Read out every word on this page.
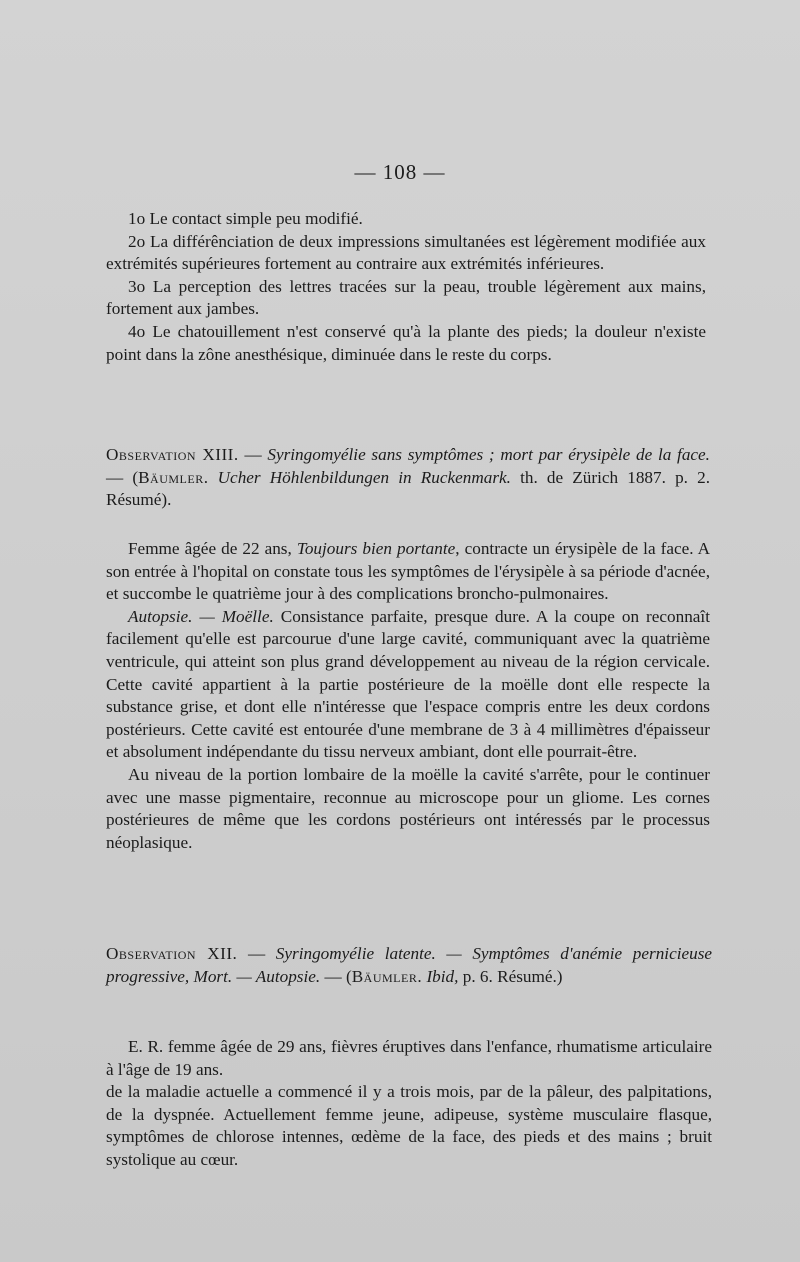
— 108 —

1o Le contact simple peu modifié.

2o La différênciation de deux impressions simultanées est légèrement modifiée aux extrémités supérieures fortement au contraire aux extrémités inférieures.

3o La perception des lettres tracées sur la peau, trouble légèrement aux mains, fortement aux jambes.

4o Le chatouillement n'est conservé qu'à la plante des pieds; la douleur n'existe point dans la zône anesthésique, diminuée dans le reste du corps.

Observation XIII. — Syringomyélie sans symptômes ; mort par érysipèle de la face. — (Bäumler. Ucher Höhlenbildungen in Ruckenmark. th. de Zürich 1887. p. 2. Résumé).

Femme âgée de 22 ans, Toujours bien portante, contracte un érysipèle de la face. A son entrée à l'hopital on constate tous les symptômes de l'érysipèle à sa période d'acnée, et succombe le quatrième jour à des complications broncho-pulmonaires.

Autopsie. — Moëlle. Consistance parfaite, presque dure. A la coupe on reconnaît facilement qu'elle est parcourue d'une large cavité, communiquant avec la quatrième ventricule, qui atteint son plus grand développement au niveau de la région cervicale. Cette cavité appartient à la partie postérieure de la moëlle dont elle respecte la substance grise, et dont elle n'intéresse que l'espace compris entre les deux cordons postérieurs. Cette cavité est entourée d'une membrane de 3 à 4 millimètres d'épaisseur et absolument indépendante du tissu nerveux ambiant, dont elle pourrait-être.

Au niveau de la portion lombaire de la moëlle la cavité s'arrête, pour le continuer avec une masse pigmentaire, reconnue au microscope pour un gliome. Les cornes postérieures de même que les cordons postérieurs ont intéressés par le processus néoplasique.

Observation XII. — Syringomyélie latente. — Symptômes d'anémie pernicieuse progressive, Mort. — Autopsie. — (Bäumler. Ibid, p. 6. Résumé.)

E. R. femme âgée de 29 ans, fièvres éruptives dans l'enfance, rhumatisme articulaire à l'âge de 19 ans.

de la maladie actuelle a commencé il y a trois mois, par de la pâleur, des palpitations, de la dyspnée. Actuellement femme jeune, adipeuse, système musculaire flasque, symptômes de chlorose intennes, œdème de la face, des pieds et des mains ; bruit systolique au cœur.
